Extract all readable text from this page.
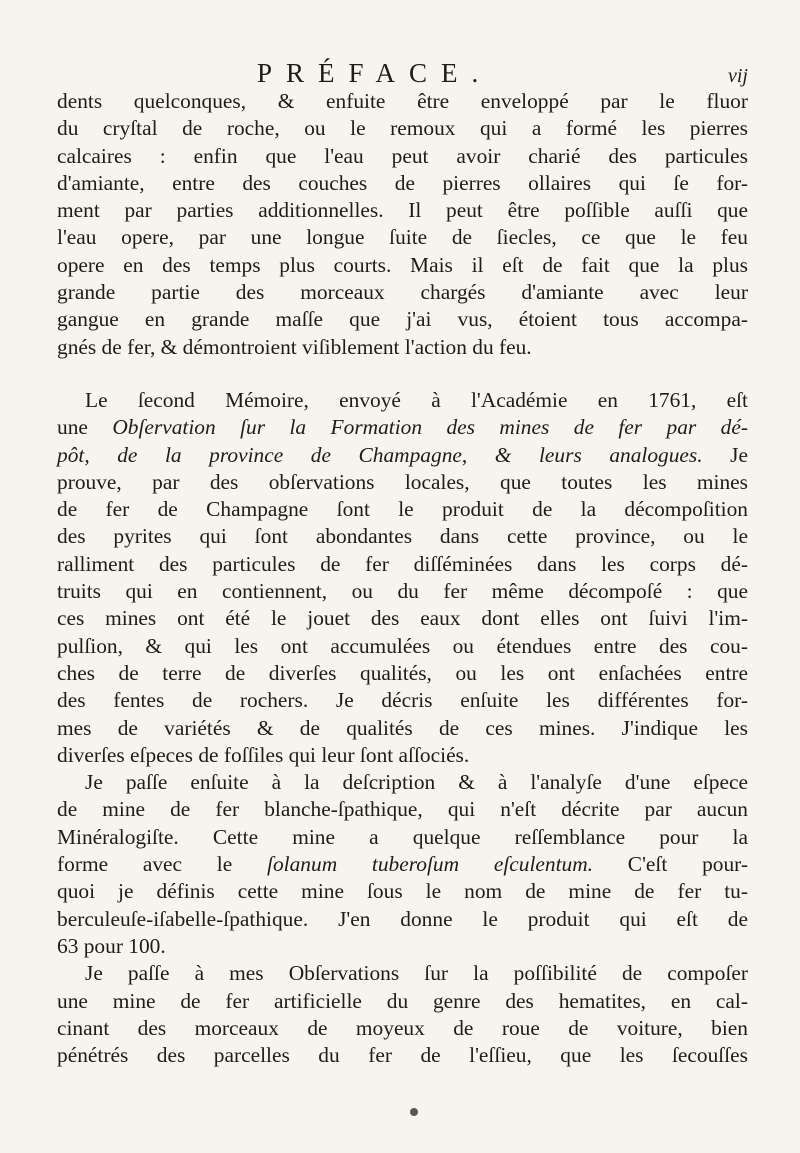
PRÉFACE.	vij

dents quelconques, & enfuite être enveloppé par le fluor

du cryſtal de roche, ou le remoux qui a formé les pierres

calcaires : enfin que l'eau peut avoir charié des particules

d'amiante, entre des couches de pierres ollaires qui ſe for-

ment par parties additionnelles. Il peut être poſſible auſſi que

l'eau opere, par une longue ſuite de ſiecles, ce que le feu

opere en des temps plus courts. Mais il eſt de fait que la plus

grande partie des morceaux chargés d'amiante avec leur

gangue en grande maſſe que j'ai vus, étoient tous accompa-

gnés de fer, & démontroient viſiblement l'action du feu.

Le ſecond Mémoire, envoyé à l'Académie en 1761, eſt

une Obſervation ſur la Formation des mines de fer par dé-

pôt, de la province de Champagne, & leurs analogues. Je

prouve, par des obſervations locales, que toutes les mines

de fer de Champagne ſont le produit de la décompoſition

des pyrites qui ſont abondantes dans cette province, ou le

ralliment des particules de fer diſſéminées dans les corps dé-

truits qui en contiennent, ou du fer même décompoſé : que

ces mines ont été le jouet des eaux dont elles ont ſuivi l'im-

pulſion, & qui les ont accumulées ou étendues entre des cou-

ches de terre de diverſes qualités, ou les ont enſachées entre

des fentes de rochers. Je décris enſuite les différentes for-

mes de variétés & de qualités de ces mines. J'indique les

diverſes eſpeces de foſſiles qui leur ſont aſſociés.

Je paſſe enſuite à la deſcription & à l'analyſe d'une eſpece

de mine de fer blanche-ſpathique, qui n'eſt décrite par aucun

Minéralogiſte. Cette mine a quelque reſſemblance pour la

forme avec le ſolanum tuberoſum eſculentum. C'eſt pour-

quoi je définis cette mine ſous le nom de mine de fer tu-

berculeuſe-iſabelle-ſpathique. J'en donne le produit qui eſt de

63 pour 100.

Je paſſe à mes Obſervations ſur la poſſibilité de compoſer

une mine de fer artificielle du genre des hematites, en cal-

cinant des morceaux de moyeux de roue de voiture, bien

pénétrés des parcelles du fer de l'eſſieu, que les ſecouſſes
